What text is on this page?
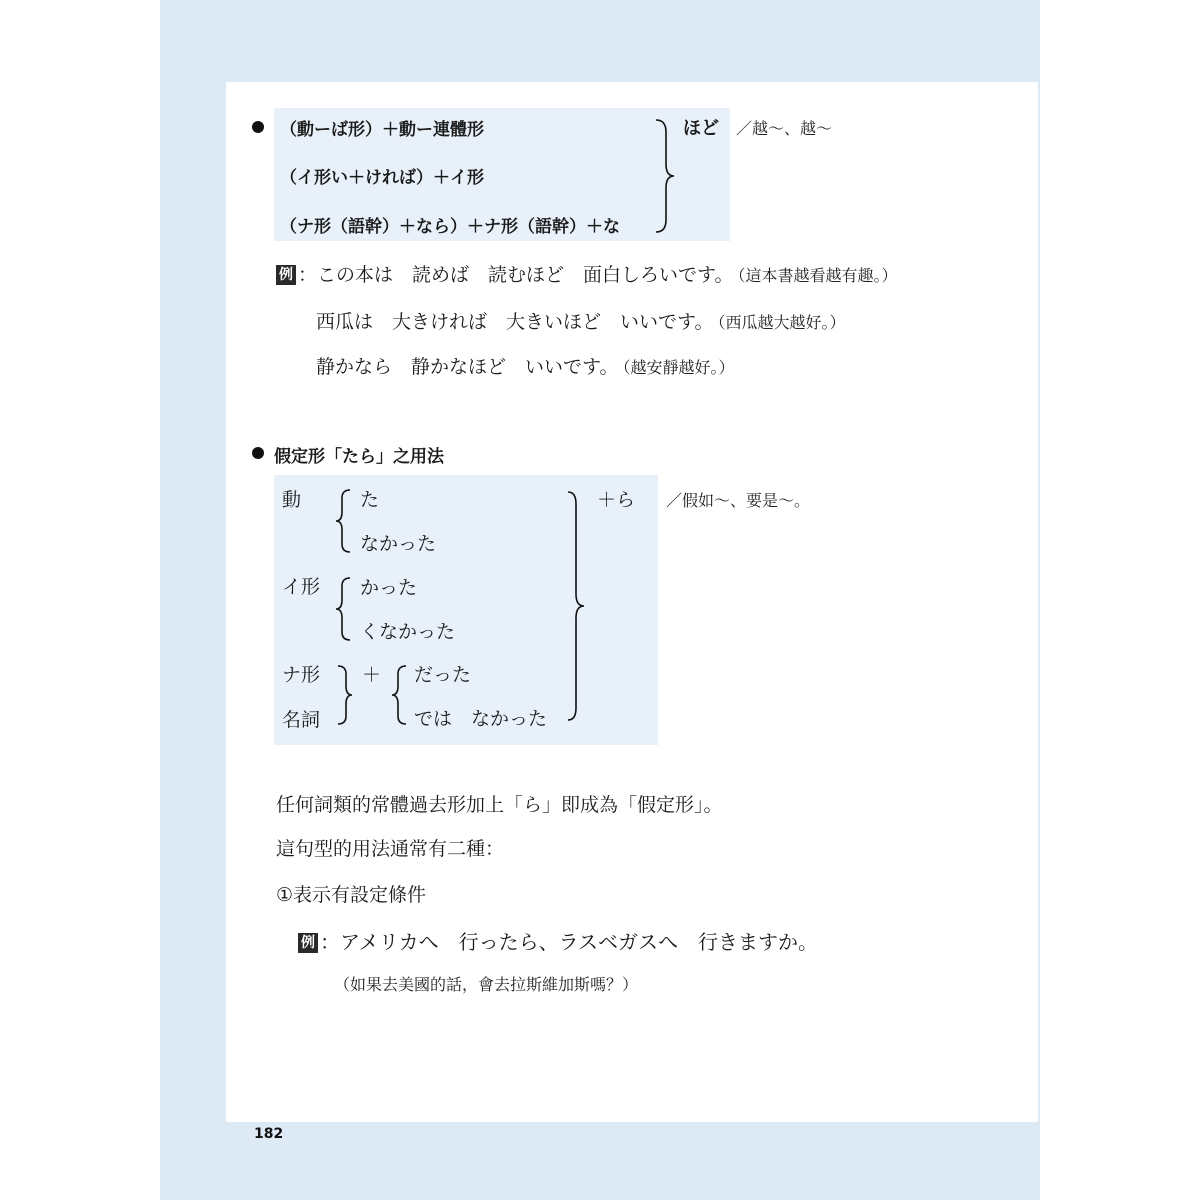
（動ーば形）＋動ー連體形
（イ形い＋ければ）＋イ形
（ナ形（語幹）＋なら）＋ナ形（語幹）＋な
ほど ／越～、越～
例 ：この本は　読めば　読むほど　面白しろいです。 （這本書越看越有趣。）
西瓜は　大きければ　大きいほど　いいです。 （西瓜越大越好。）
静かなら　静かなほど　いいです。 （越安靜越好。）
假定形「たら」之用法
動
イ形
ナ形
名詞
た
なかった
かった
くなかった
＋ だった
では　なかった
＋ら ／假如～、要是～。
任何詞類的常體過去形加上「ら」即成為「假定形」。
這句型的用法通常有二種：
①表示有設定條件
例 ：アメリカへ　行ったら、ラスベガスへ　行きますか。
（如果去美國的話，會去拉斯維加斯嗎？）
182
